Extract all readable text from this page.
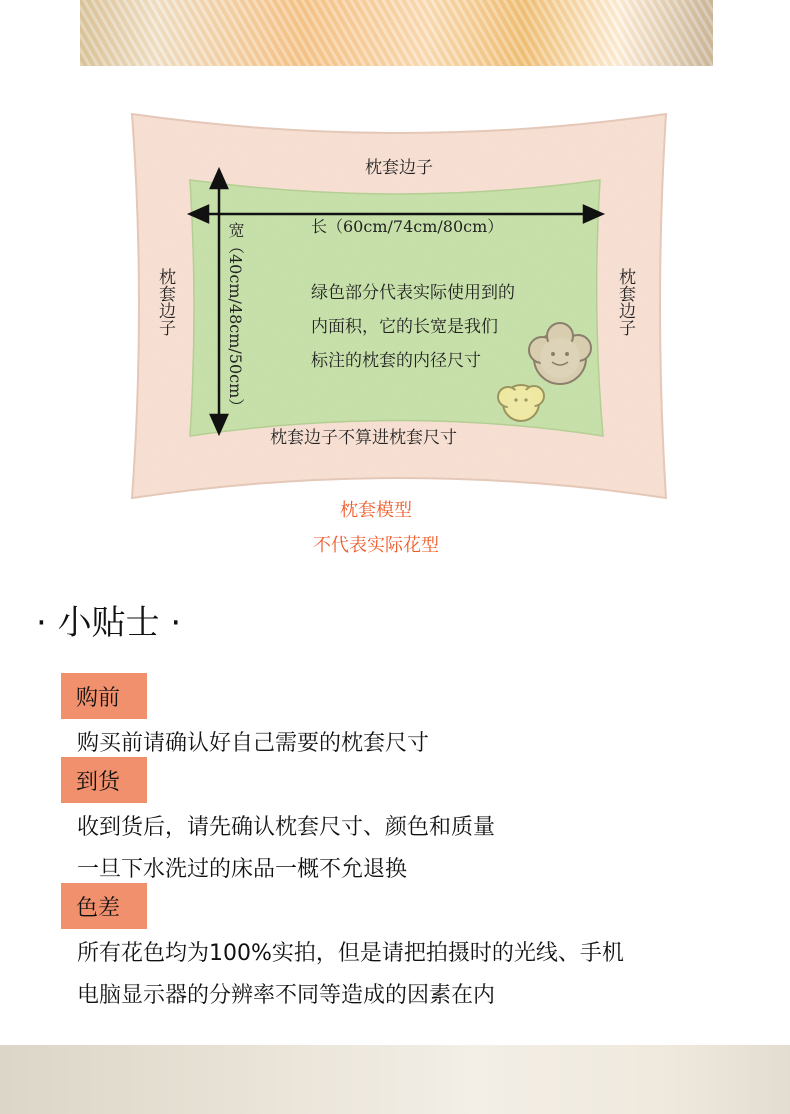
枕套边子
长（60cm/74cm/80cm）
宽（40cm/48cm/50cm）
枕套边子	枕套边子
绿色部分代表实际使用到的
内面积，它的长宽是我们
标注的枕套的内径尺寸
枕套边子不算进枕套尺寸
枕套模型
不代表实际花型
· 小贴士 ·
购前
购买前请确认好自己需要的枕套尺寸
到货
收到货后，请先确认枕套尺寸、颜色和质量
一旦下水洗过的床品一概不允退换
色差
所有花色均为100%实拍，但是请把拍摄时的光线、手机
电脑显示器的分辨率不同等造成的因素在内
